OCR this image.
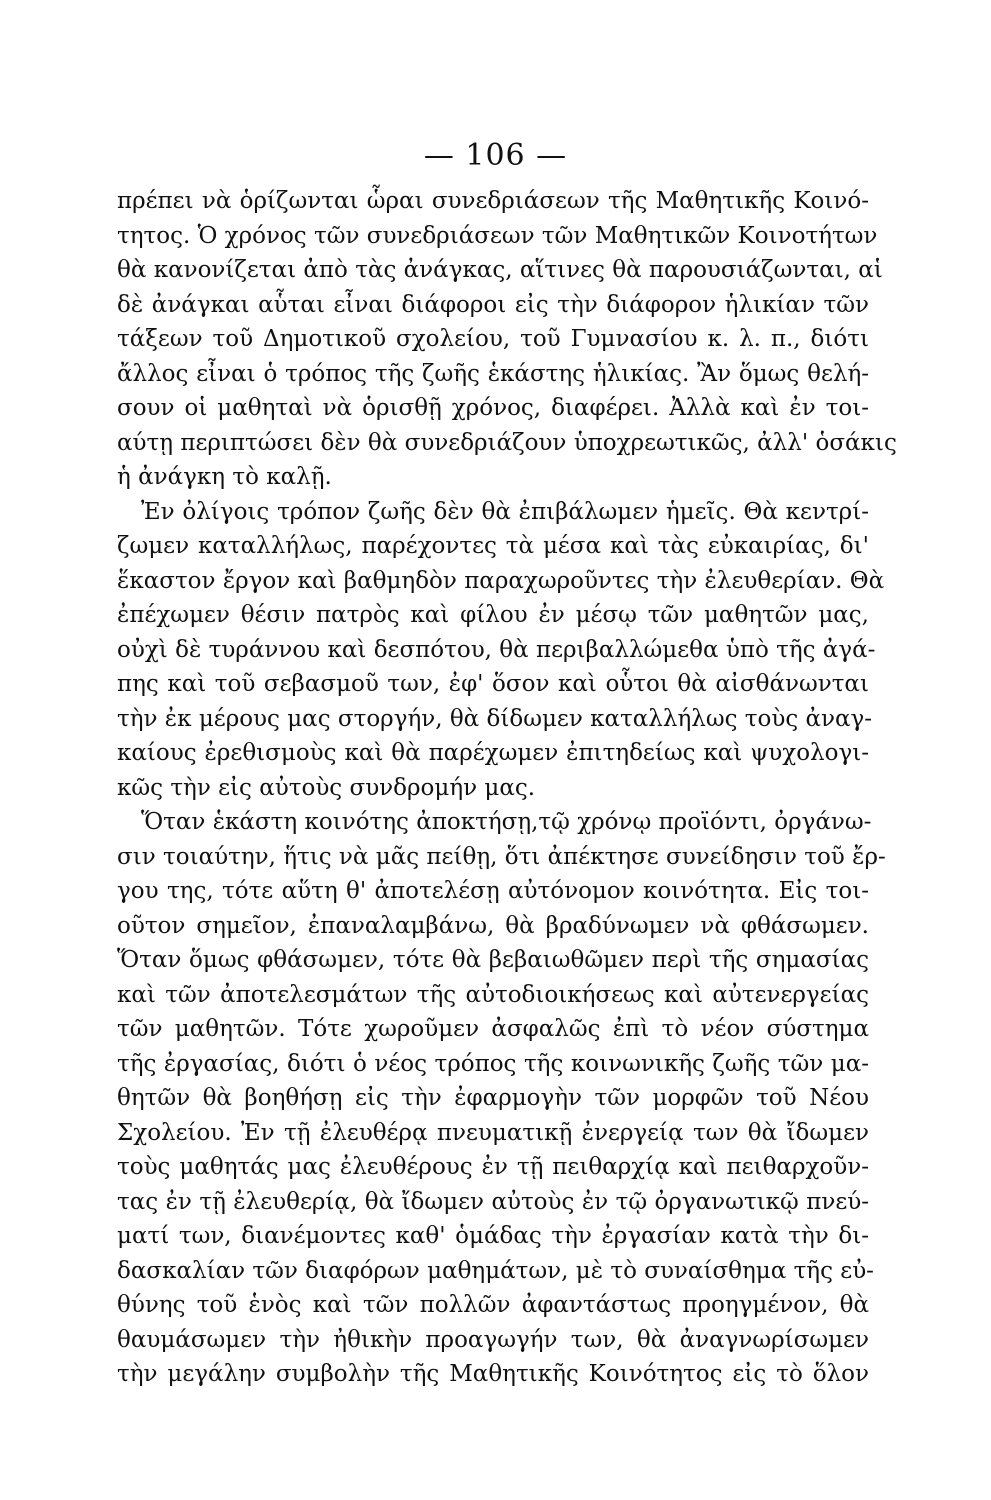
— 106 —
πρέπει νὰ ὁρίζωνται ὧραι συνεδριάσεων τῆς Μαθητικῆς Κοινό-
τητος. Ὁ χρόνος τῶν συνεδριάσεων τῶν Μαθητικῶν Κοινοτήτων
θὰ κανονίζεται ἀπὸ τὰς ἀνάγκας, αἵτινες θὰ παρουσιάζωνται, αἱ
δὲ ἀνάγκαι αὗται εἶναι διάφοροι εἰς τὴν διάφορον ἡλικίαν τῶν
τάξεων τοῦ Δημοτικοῦ σχολείου, τοῦ Γυμνασίου κ. λ. π., διότι
ἄλλος εἶναι ὁ τρόπος τῆς ζωῆς ἑκάστης ἡλικίας. Ἂν ὅμως θελή-
σουν οἱ μαθηταὶ νὰ ὁρισθῇ χρόνος, διαφέρει. Ἀλλὰ καὶ ἐν τοι-
αύτῃ περιπτώσει δὲν θὰ συνεδριάζουν ὑποχρεωτικῶς, ἀλλ' ὁσάκις
ἡ ἀνάγκη τὸ καλῇ.
Ἐν ὀλίγοις τρόπον ζωῆς δὲν θὰ ἐπιβάλωμεν ἡμεῖς. Θὰ κεντρί-
ζωμεν καταλλήλως, παρέχοντες τὰ μέσα καὶ τὰς εὐκαιρίας, δι'
ἕκαστον ἔργον καὶ βαθμηδὸν παραχωροῦντες τὴν ἐλευθερίαν. Θὰ
ἐπέχωμεν θέσιν πατρὸς καὶ φίλου ἐν μέσῳ τῶν μαθητῶν μας,
οὐχὶ δὲ τυράννου καὶ δεσπότου, θὰ περιβαλλώμεθα ὑπὸ τῆς ἀγά-
πης καὶ τοῦ σεβασμοῦ των, ἐφ' ὅσον καὶ οὗτοι θὰ αἰσθάνωνται
τὴν ἐκ μέρους μας στοργήν, θὰ δίδωμεν καταλλήλως τοὺς ἀναγ-
καίους ἐρεθισμοὺς καὶ θὰ παρέχωμεν ἐπιτηδείως καὶ ψυχολογι-
κῶς τὴν εἰς αὐτοὺς συνδρομήν μας.
Ὅταν ἑκάστη κοινότης ἀποκτήσῃ,τῷ χρόνῳ προϊόντι, ὀργάνω-
σιν τοιαύτην, ἥτις νὰ μᾶς πείθῃ, ὅτι ἀπέκτησε συνείδησιν τοῦ ἔρ-
γου της, τότε αὕτη θ' ἀποτελέσῃ αὐτόνομον κοινότητα. Εἰς τοι-
οῦτον σημεῖον, ἐπαναλαμβάνω, θὰ βραδύνωμεν νὰ φθάσωμεν.
Ὅταν ὅμως φθάσωμεν, τότε θὰ βεβαιωθῶμεν περὶ τῆς σημασίας
καὶ τῶν ἀποτελεσμάτων τῆς αὐτοδιοικήσεως καὶ αὐτενεργείας
τῶν μαθητῶν. Τότε χωροῦμεν ἀσφαλῶς ἐπὶ τὸ νέον σύστημα
τῆς ἐργασίας, διότι ὁ νέος τρόπος τῆς κοινωνικῆς ζωῆς τῶν μα-
θητῶν θὰ βοηθήσῃ εἰς τὴν ἐφαρμογὴν τῶν μορφῶν τοῦ Νέου
Σχολείου. Ἐν τῇ ἐλευθέρᾳ πνευματικῇ ἐνεργείᾳ των θὰ ἴδωμεν
τοὺς μαθητάς μας ἐλευθέρους ἐν τῇ πειθαρχίᾳ καὶ πειθαρχοῦν-
τας ἐν τῇ ἐλευθερίᾳ, θὰ ἴδωμεν αὐτοὺς ἐν τῷ ὀργανωτικῷ πνεύ-
ματί των, διανέμοντες καθ' ὁμάδας τὴν ἐργασίαν κατὰ τὴν δι-
δασκαλίαν τῶν διαφόρων μαθημάτων, μὲ τὸ συναίσθημα τῆς εὐ-
θύνης τοῦ ἑνὸς καὶ τῶν πολλῶν ἀφαντάστως προηγμένον, θὰ
θαυμάσωμεν τὴν ἠθικὴν προαγωγήν των, θὰ ἀναγνωρίσωμεν
τὴν μεγάλην συμβολὴν τῆς Μαθητικῆς Κοινότητος εἰς τὸ ὅλον
